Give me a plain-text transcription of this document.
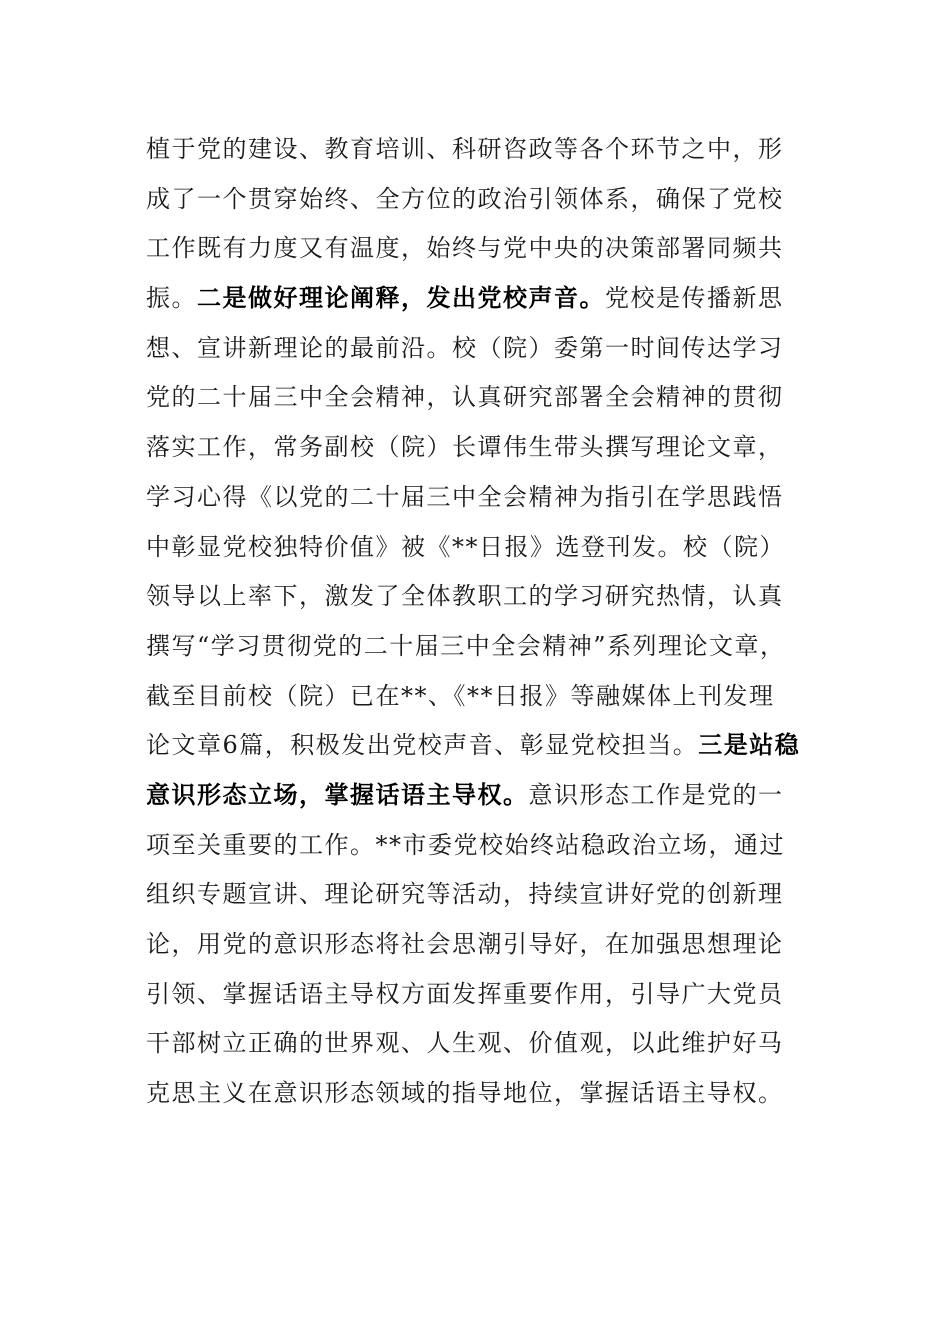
植于党的建设、教育培训、科研咨政等各个环节之中，形
成了一个贯穿始终、全方位的政治引领体系，确保了党校
工作既有力度又有温度，始终与党中央的决策部署同频共
振。二是做好理论阐释，发出党校声音。党校是传播新思
想、宣讲新理论的最前沿。校（院）委第一时间传达学习
党的二十届三中全会精神，认真研究部署全会精神的贯彻
落实工作，常务副校（院）长谭伟生带头撰写理论文章，
学习心得《以党的二十届三中全会精神为指引在学思践悟
中彰显党校独特价值》被《**日报》选登刊发。校（院）
领导以上率下，激发了全体教职工的学习研究热情，认真
撰写“学习贯彻党的二十届三中全会精神”系列理论文章，
截至目前校（院）已在**、《**日报》等融媒体上刊发理
论文章6篇，积极发出党校声音、彰显党校担当。三是站稳
意识形态立场，掌握话语主导权。意识形态工作是党的一
项至关重要的工作。**市委党校始终站稳政治立场，通过
组织专题宣讲、理论研究等活动，持续宣讲好党的创新理
论，用党的意识形态将社会思潮引导好，在加强思想理论
引领、掌握话语主导权方面发挥重要作用，引导广大党员
干部树立正确的世界观、人生观、价值观，以此维护好马
克思主义在意识形态领域的指导地位，掌握话语主导权。
